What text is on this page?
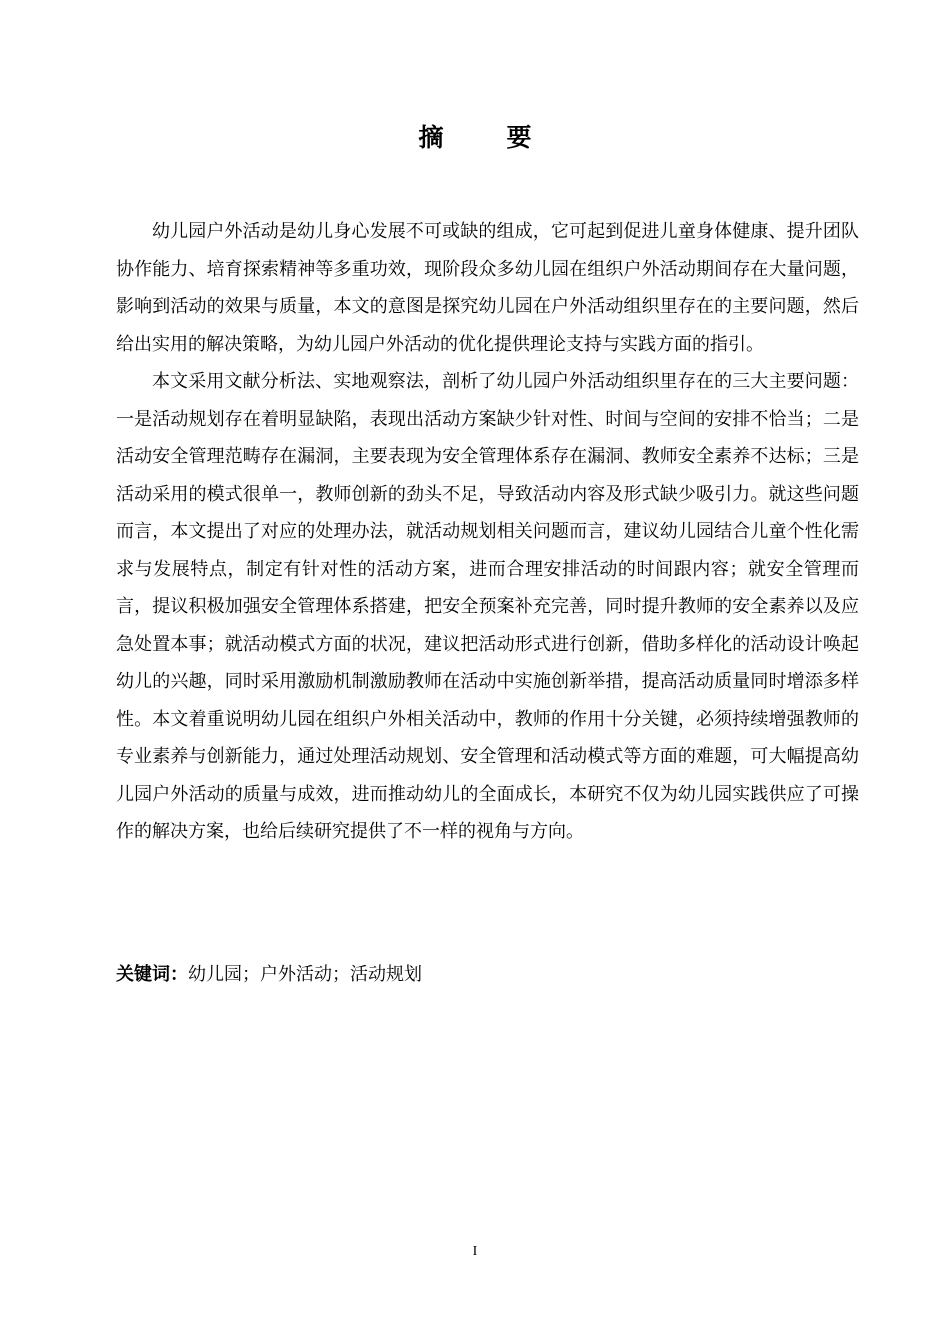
摘　要

幼儿园户外活动是幼儿身心发展不可或缺的组成，它可起到促进儿童身体健康、提升团队协作能力、培育探索精神等多重功效，现阶段众多幼儿园在组织户外活动期间存在大量问题，影响到活动的效果与质量，本文的意图是探究幼儿园在户外活动组织里存在的主要问题，然后给出实用的解决策略，为幼儿园户外活动的优化提供理论支持与实践方面的指引。

本文采用文献分析法、实地观察法，剖析了幼儿园户外活动组织里存在的三大主要问题：一是活动规划存在着明显缺陷，表现出活动方案缺少针对性、时间与空间的安排不恰当；二是活动安全管理范畴存在漏洞，主要表现为安全管理体系存在漏洞、教师安全素养不达标；三是活动采用的模式很单一，教师创新的劲头不足，导致活动内容及形式缺少吸引力。就这些问题而言，本文提出了对应的处理办法，就活动规划相关问题而言，建议幼儿园结合儿童个性化需求与发展特点，制定有针对性的活动方案，进而合理安排活动的时间跟内容；就安全管理而言，提议积极加强安全管理体系搭建，把安全预案补充完善，同时提升教师的安全素养以及应急处置本事；就活动模式方面的状况，建议把活动形式进行创新，借助多样化的活动设计唤起幼儿的兴趣，同时采用激励机制激励教师在活动中实施创新举措，提高活动质量同时增添多样性。本文着重说明幼儿园在组织户外相关活动中，教师的作用十分关键，必须持续增强教师的专业素养与创新能力，通过处理活动规划、安全管理和活动模式等方面的难题，可大幅提高幼儿园户外活动的质量与成效，进而推动幼儿的全面成长，本研究不仅为幼儿园实践供应了可操作的解决方案，也给后续研究提供了不一样的视角与方向。

关键词：幼儿园；户外活动；活动规划
I
